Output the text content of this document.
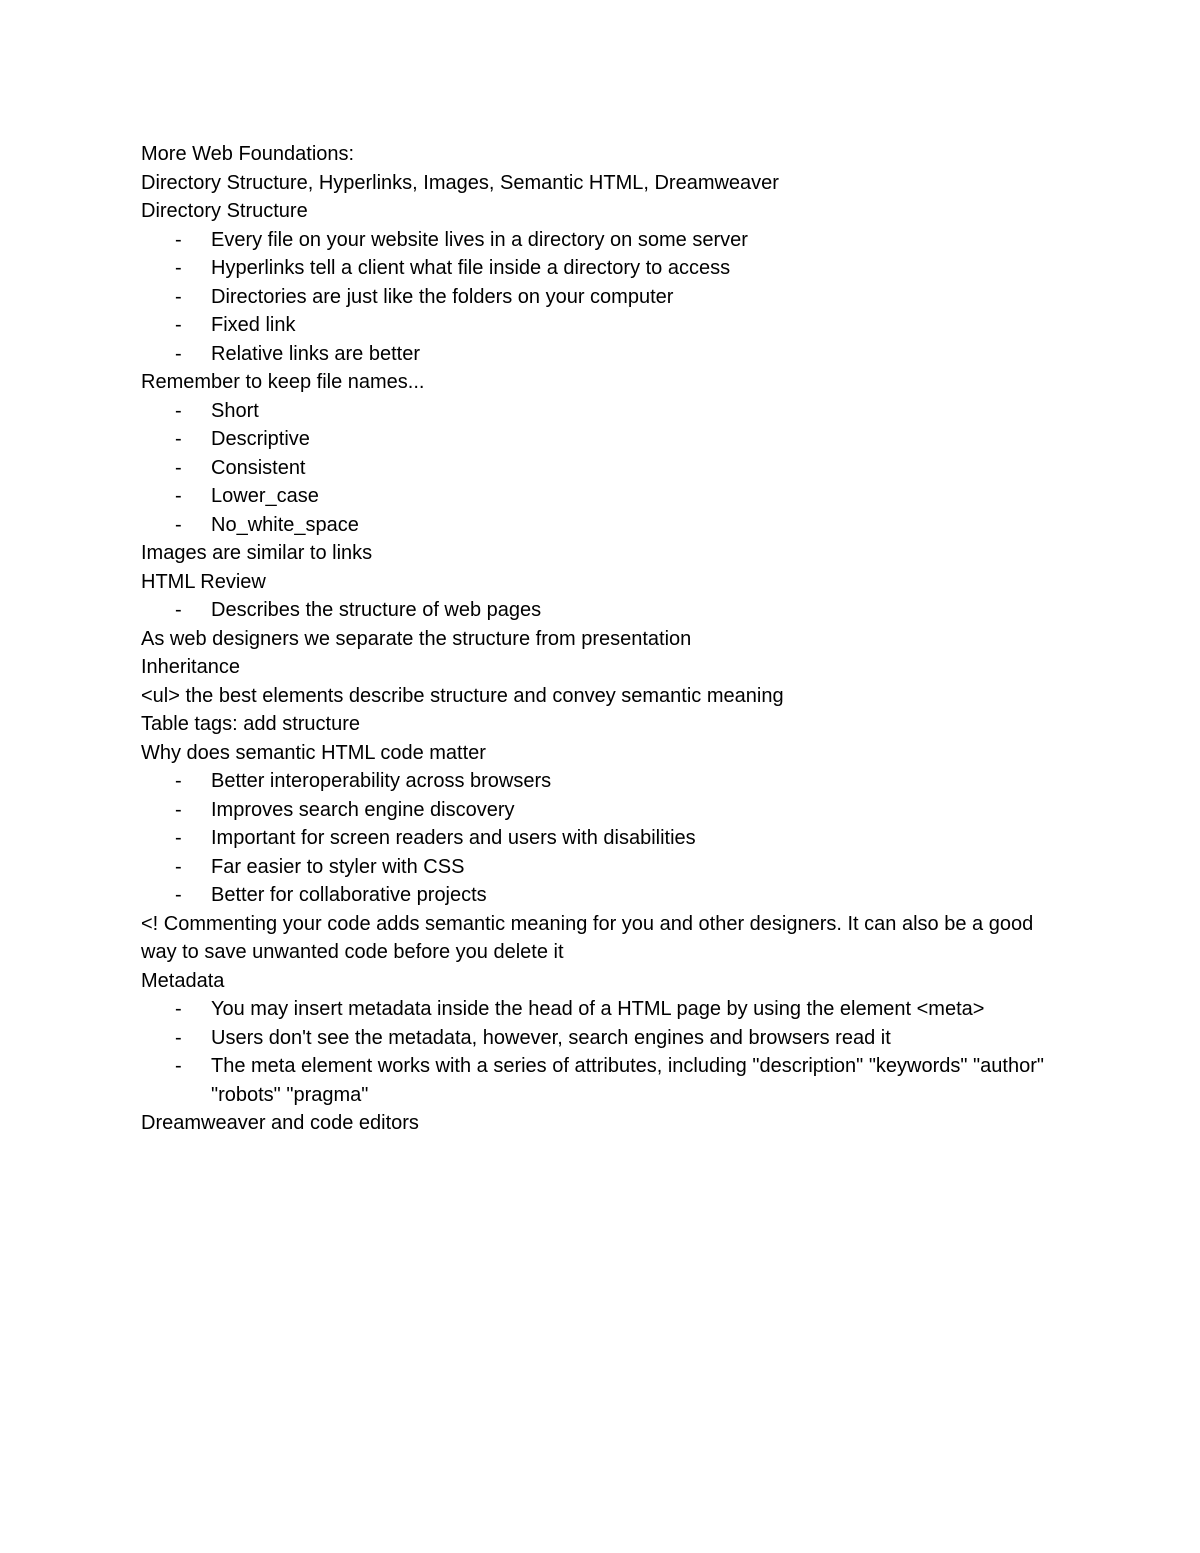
More Web Foundations:

Directory Structure, Hyperlinks, Images, Semantic HTML, Dreamweaver

Directory Structure

-	Every file on your website lives in a directory on some server
-	Hyperlinks tell a client what file inside a directory to access
-	Directories are just like the folders on your computer
-	Fixed link
-	Relative links are better

Remember to keep file names...

-	Short
-	Descriptive
-	Consistent
-	Lower_case
-	No_white_space

Images are similar to links

HTML Review

-	Describes the structure of web pages

As web designers we separate the structure from presentation

Inheritance

<ul> the best elements describe structure and convey semantic meaning

Table tags: add structure

Why does semantic HTML code matter

-	Better interoperability across browsers
-	Improves search engine discovery
-	Important for screen readers and users with disabilities
-	Far easier to styler with CSS
-	Better for collaborative projects

<! Commenting your code adds semantic meaning for you and other designers. It can also be a good way to save unwanted code before you delete it

Metadata

-	You may insert metadata inside the head of a HTML page by using the element <meta>
-	Users don't see the metadata, however, search engines and browsers read it
-	The meta element works with a series of attributes, including "description" "keywords" "author" "robots" "pragma"

Dreamweaver and code editors
